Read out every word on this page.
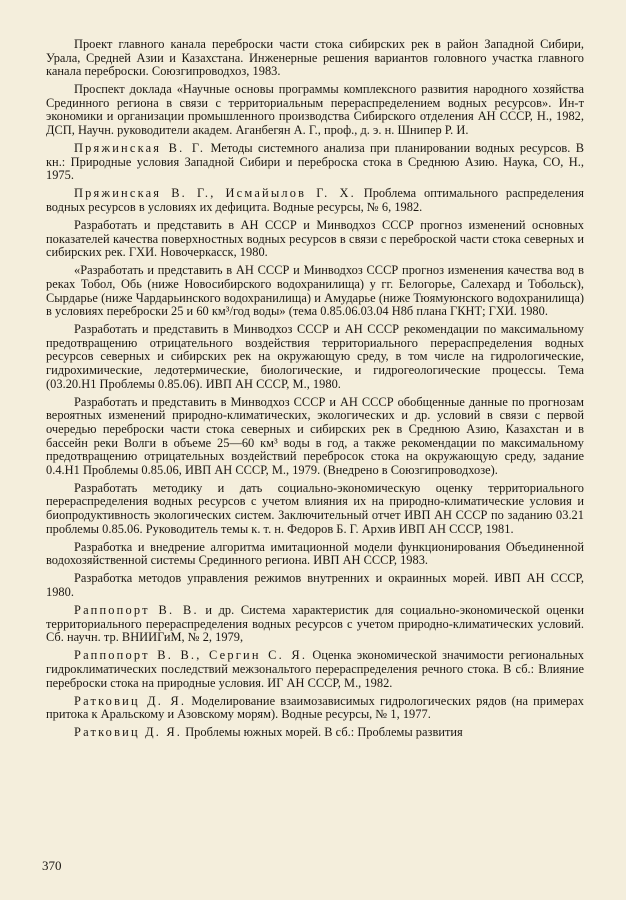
Проект главного канала переброски части стока сибирских рек в район Западной Сибири, Урала, Средней Азии и Казахстана. Инженерные решения вариантов головного участка главного канала переброски. Союзгипроводхоз, 1983.

Проспект доклада «Научные основы программы комплексного развития народного хозяйства Срединного региона в связи с территориальным перераспределением водных ресурсов». Ин-т экономики и организации промышленного производства Сибирского отделения АН СССР, Н., 1982, ДСП, Научн. руководители академ. Аганбегян А. Г., проф., д. э. н. Шнипер Р. И.

Пряжинская В. Г. Методы системного анализа при планировании водных ресурсов. В кн.: Природные условия Западной Сибири и переброска стока в Среднюю Азию. Наука, СО, Н., 1975.

Пряжинская В. Г., Исмайылов Г. Х. Проблема оптимального распределения водных ресурсов в условиях их дефицита. Водные ресурсы, № 6, 1982.

Разработать и представить в АН СССР и Минводхоз СССР прогноз изменений основных показателей качества поверхностных водных ресурсов в связи с переброской части стока северных и сибирских рек. ГХИ. Новочеркасск, 1980.

«Разработать и представить в АН СССР и Минводхоз СССР прогноз изменения качества вод в реках Тобол, Обь (ниже Новосибирского водохранилища) у гг. Белогорье, Салехард и Тобольск), Сырдарье (ниже Чардарьинского водохранилища) и Амударье (ниже Тюямуюнского водохранилища) в условиях переброски 25 и 60 км³/год воды» (тема 0.85.06.03.04 Н8б плана ГКНТ; ГХИ. 1980.

Разработать и представить в Минводхоз СССР и АН СССР рекомендации по максимальному предотвращению отрицательного воздействия территориального перераспределения водных ресурсов северных и сибирских рек на окружающую среду, в том числе на гидрологические, гидрохимические, ледотермические, биологические, и гидрогеологические процессы. Тема (03.20.Н1 Проблемы 0.85.06). ИВП АН СССР, М., 1980.

Разработать и представить в Минводхоз СССР и АН СССР обобщенные данные по прогнозам вероятных изменений природно-климатических, экологических и др. условий в связи с первой очередью переброски части стока северных и сибирских рек в Среднюю Азию, Казахстан и в бассейн реки Волги в объеме 25—60 км³ воды в год, а также рекомендации по максимальному предотвращению отрицательных воздействий перебросок стока на окружающую среду, задание 0.4.Н1 Проблемы 0.85.06, ИВП АН СССР, М., 1979. (Внедрено в Союзгипроводхозе).

Разработать методику и дать социально-экономическую оценку территориального перераспределения водных ресурсов с учетом влияния их на природно-климатические условия и биопродуктивность экологических систем. Заключительный отчет ИВП АН СССР по заданию 03.21 проблемы 0.85.06. Руководитель темы к. т. н. Федоров Б. Г. Архив ИВП АН СССР, 1981.

Разработка и внедрение алгоритма имитационной модели функционирования Объединенной водохозяйственной системы Срединного региона. ИВП АН СССР, 1983.

Разработка методов управления режимов внутренних и окраинных морей. ИВП АН СССР, 1980.

Раппопорт В. В. и др. Система характеристик для социально-экономической оценки территориального перераспределения водных ресурсов с учетом природно-климатических условий. Сб. научн. тр. ВНИИГиМ, № 2, 1979,

Раппопорт В. В., Сергин С. Я. Оценка экономической значимости региональных гидроклиматических последствий межзональтого перераспределения речного стока. В сб.: Влияние переброски стока на природные условия. ИГ АН СССР, М., 1982.

Ратковиц Д. Я. Моделирование взаимозависимых гидрологических рядов (на примерах притока к Аральскому и Азовскому морям). Водные ресурсы, № 1, 1977.

Ратковиц Д. Я. Проблемы южных морей. В сб.: Проблемы развития

370
